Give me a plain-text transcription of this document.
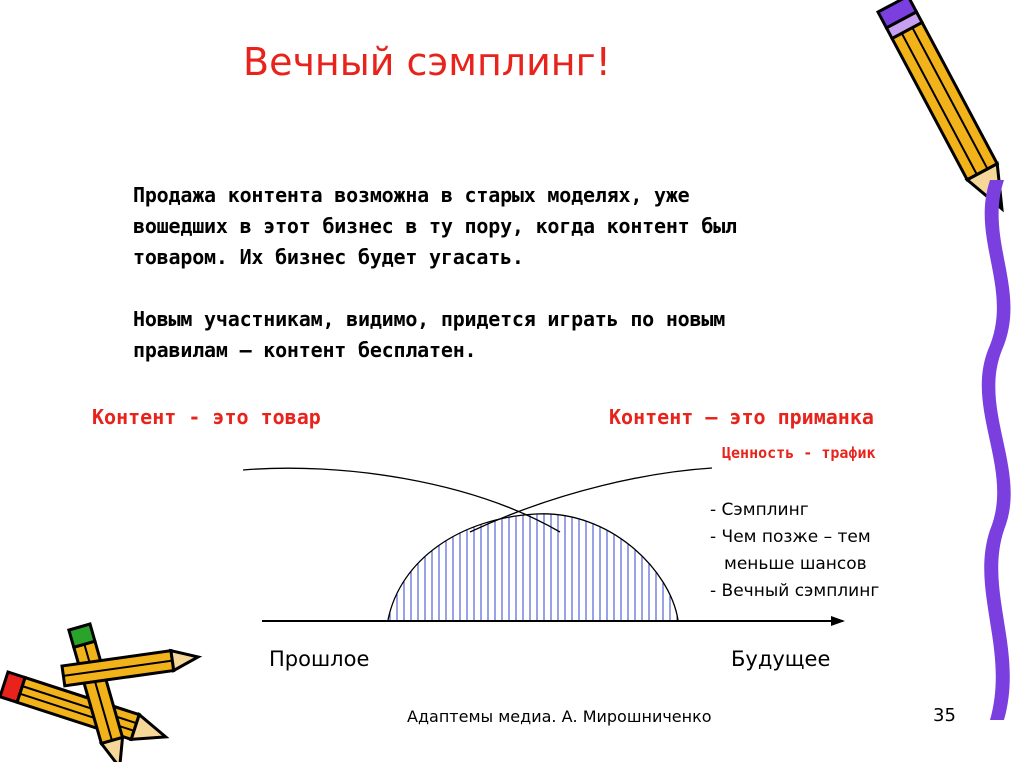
Вечный сэмплинг!
Продажа контента возможна в старых моделях, уже
вошедших в этот бизнес в ту пору, когда контент был
товаром. Их бизнес будет угасать.
Новым участникам, видимо, придется играть по новым
правилам – контент бесплатен.
Контент - это товар	Контент – это приманка
Ценность - трафик
- Сэмплинг
- Чем позже – тем
меньше шансов
- Вечный сэмплинг
Прошлое	Будущее
Адаптемы медиа. А. Мирошниченко	35
